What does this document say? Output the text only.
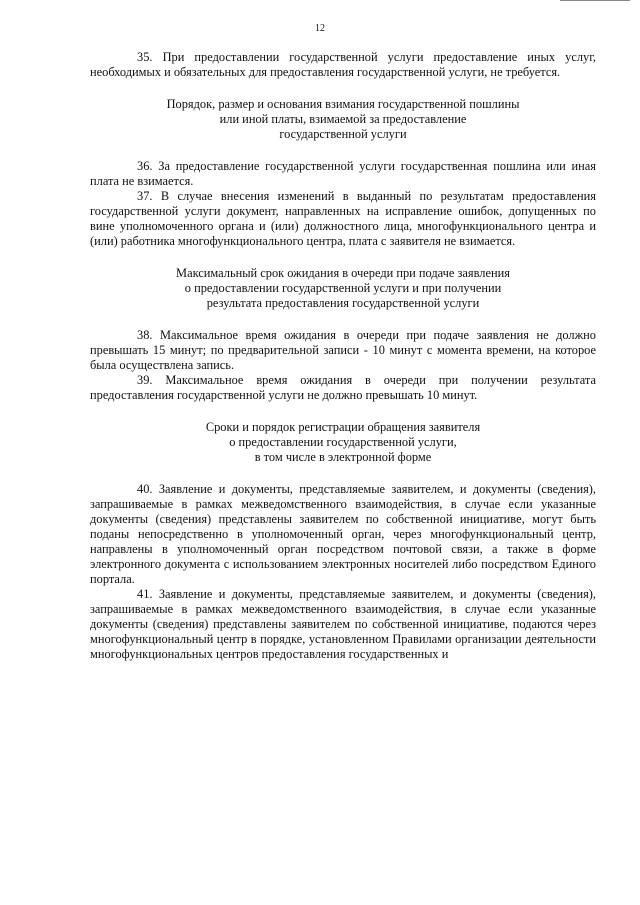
12

35. При предоставлении государственной услуги предоставление иных услуг, необходимых и обязательных для предоставления государственной услуги, не требуется.

Порядок, размер и основания взимания государственной пошлины
или иной платы, взимаемой за предоставление
государственной услуги

36. За предоставление государственной услуги государственная пошлина или иная плата не взимается.

37. В случае внесения изменений в выданный по результатам предоставления государственной услуги документ, направленных на исправление ошибок, допущенных по вине уполномоченного органа и (или) должностного лица, многофункционального центра и (или) работника многофункционального центра, плата с заявителя не взимается.

Максимальный срок ожидания в очереди при подаче заявления
о предоставлении государственной услуги и при получении
результата предоставления государственной услуги

38. Максимальное время ожидания в очереди при подаче заявления не должно превышать 15 минут; по предварительной записи - 10 минут с момента времени, на которое была осуществлена запись.

39. Максимальное время ожидания в очереди при получении результата предоставления государственной услуги не должно превышать 10 минут.

Сроки и порядок регистрации обращения заявителя
о предоставлении государственной услуги,
в том числе в электронной форме

40. Заявление и документы, представляемые заявителем, и документы (сведения), запрашиваемые в рамках межведомственного взаимодействия, в случае если указанные документы (сведения) представлены заявителем по собственной инициативе, могут быть поданы непосредственно в уполномоченный орган, через многофункциональный центр, направлены в уполномоченный орган посредством почтовой связи, а также в форме электронного документа с использованием электронных носителей либо посредством Единого портала.

41. Заявление и документы, представляемые заявителем, и документы (сведения), запрашиваемые в рамках межведомственного взаимодействия, в случае если указанные документы (сведения) представлены заявителем по собственной инициативе, подаются через многофункциональный центр в порядке, установленном Правилами организации деятельности многофункциональных центров предоставления государственных и
